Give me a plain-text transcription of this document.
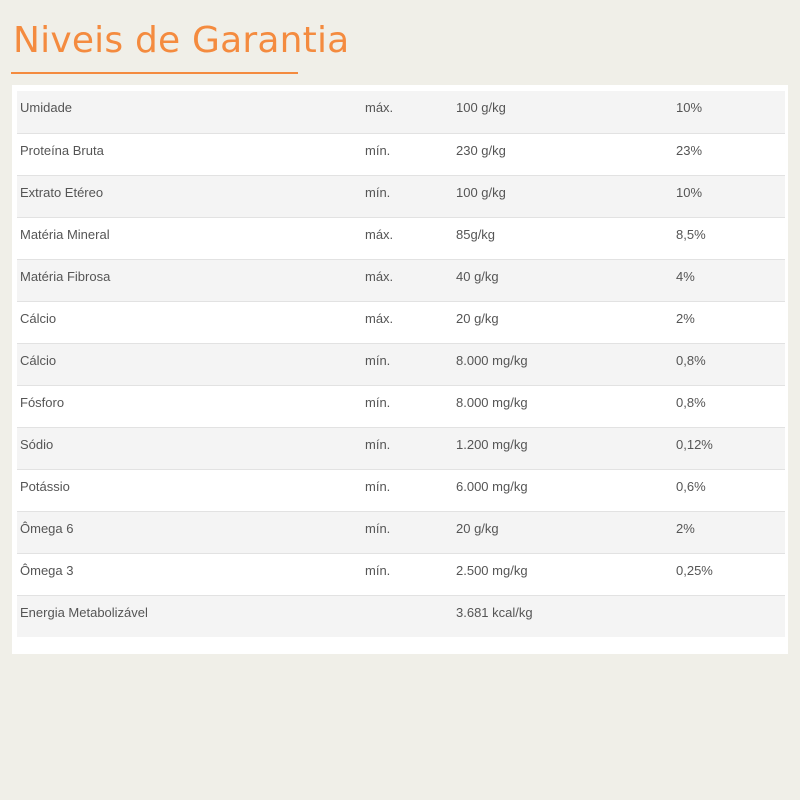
Niveis de Garantia
Umidade	máx.	100 g/kg	10%
Proteína Bruta	mín.	230 g/kg	23%
Extrato Etéreo	mín.	100 g/kg	10%
Matéria Mineral	máx.	85g/kg	8,5%
Matéria Fibrosa	máx.	40 g/kg	4%
Cálcio	máx.	20 g/kg	2%
Cálcio	mín.	8.000 mg/kg	0,8%
Fósforo	mín.	8.000 mg/kg	0,8%
Sódio	mín.	1.200 mg/kg	0,12%
Potássio	mín.	6.000 mg/kg	0,6%
Ômega 6	mín.	20 g/kg	2%
Ômega 3	mín.	2.500 mg/kg	0,25%
Energia Metabolizável		3.681 kcal/kg	
